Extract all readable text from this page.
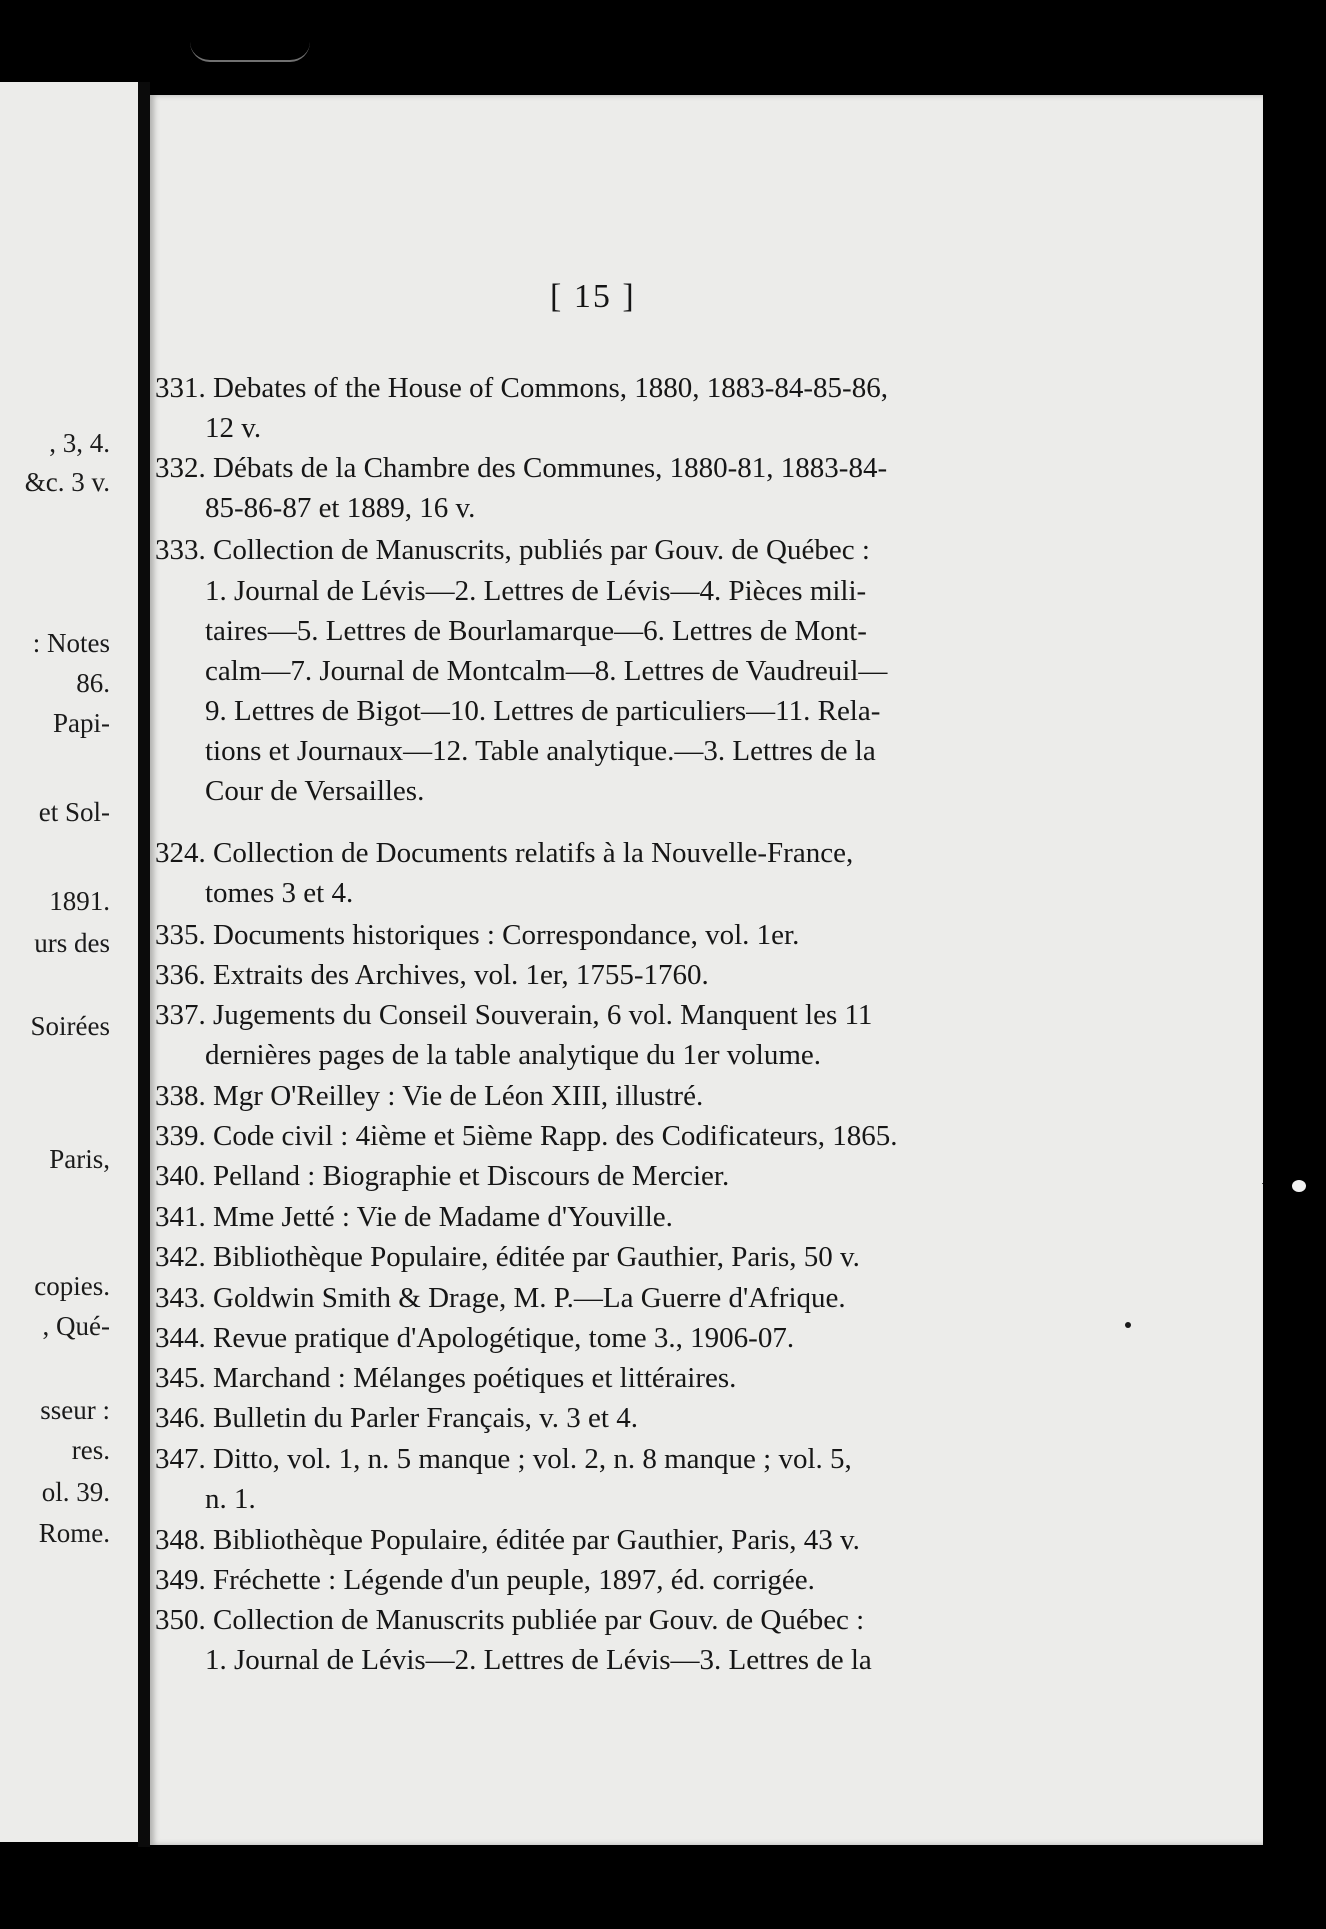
, 3, 4.
&c. 3 v.
: Notes
86.
Papi-
et Sol-
1891.
urs des
Soirées
Paris,
copies.
, Qué-
sseur :
res.
ol. 39.
Rome.
[ 15 ]
331. Debates of the House of Commons, 1880, 1883-84-85-86,
12 v.
332. Débats de la Chambre des Communes, 1880-81, 1883-84-
85-86-87 et 1889, 16 v.
333. Collection de Manuscrits, publiés par Gouv. de Québec :
1. Journal de Lévis—2. Lettres de Lévis—4. Pièces mili-
taires—5. Lettres de Bourlamarque—6. Lettres de Mont-
calm—7. Journal de Montcalm—8. Lettres de Vaudreuil—
9. Lettres de Bigot—10. Lettres de particuliers—11. Rela-
tions et Journaux—12. Table analytique.—3. Lettres de la
Cour de Versailles.
324. Collection de Documents relatifs à la Nouvelle-France,
tomes 3 et 4.
335. Documents historiques : Correspondance, vol. 1er.
336. Extraits des Archives, vol. 1er, 1755-1760.
337. Jugements du Conseil Souverain, 6 vol. Manquent les 11
dernières pages de la table analytique du 1er volume.
338. Mgr O'Reilley : Vie de Léon XIII, illustré.
339. Code civil : 4ième et 5ième Rapp. des Codificateurs, 1865.
340. Pelland : Biographie et Discours de Mercier.
341. Mme Jetté : Vie de Madame d'Youville.
342. Bibliothèque Populaire, éditée par Gauthier, Paris, 50 v.
343. Goldwin Smith & Drage, M. P.—La Guerre d'Afrique.
344. Revue pratique d'Apologétique, tome 3., 1906-07.
345. Marchand : Mélanges poétiques et littéraires.
346. Bulletin du Parler Français, v. 3 et 4.
347. Ditto, vol. 1, n. 5 manque ; vol. 2, n. 8 manque ; vol. 5,
n. 1.
348. Bibliothèque Populaire, éditée par Gauthier, Paris, 43 v.
349. Fréchette : Légende d'un peuple, 1897, éd. corrigée.
350. Collection de Manuscrits publiée par Gouv. de Québec :
1. Journal de Lévis—2. Lettres de Lévis—3. Lettres de la
